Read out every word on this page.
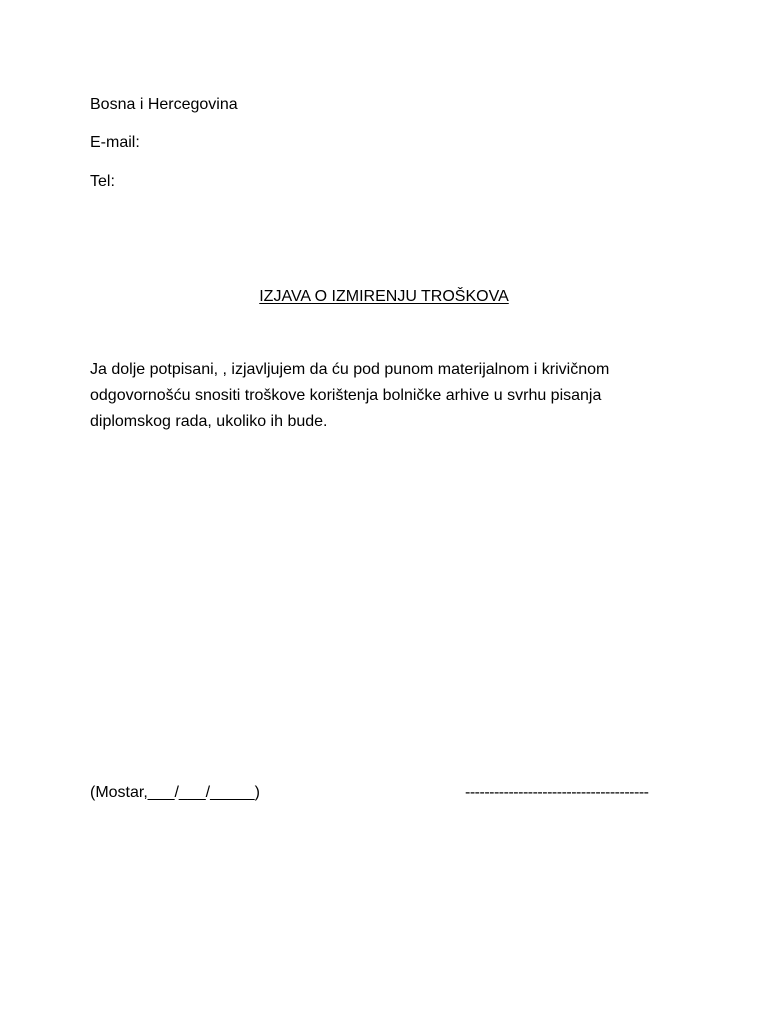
Bosna i Hercegovina
E-mail:
Tel:
IZJAVA O IZMIRENJU TROŠKOVA

Ja dolje potpisani, , izjavljujem da ću pod punom materijalnom i krivičnom
odgovornošću snositi troškove korištenja bolničke arhive u svrhu pisanja
diplomskog rada, ukoliko ih bude.

(Mostar,___/___/_____)	--------------------------------------
